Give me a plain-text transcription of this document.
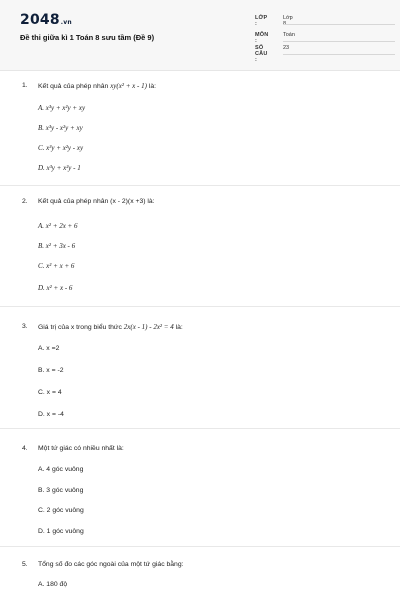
2048.vn
Đề thi giữa kì 1 Toán 8 sưu tầm (Đề 9)
LỚP :
Lớp 8
MÔN :
Toán
SỐ CÂU :
23
1. Kết quả của phép nhân xy(x² + x - 1) là:
A. x³y + x²y + xy
B. x³y - x²y + xy
C. x³y + x²y - xy
D. x³y + x²y - 1
2. Kết quả của phép nhân (x - 2)(x +3) là:
A. x² + 2x + 6
B. x² + 3x - 6
C. x² + x + 6
D. x² + x - 6
3. Giá trị của x trong biểu thức 2x(x - 1) - 2x² = 4 là:
A. x =2
B. x = -2
C. x = 4
D. x = -4
4. Một tứ giác có nhiều nhất là:
A. 4 góc vuông
B. 3 góc vuông
C. 2 góc vuông
D. 1 góc vuông
5. Tổng số đo các góc ngoài của một tứ giác bằng:
A. 180 độ
